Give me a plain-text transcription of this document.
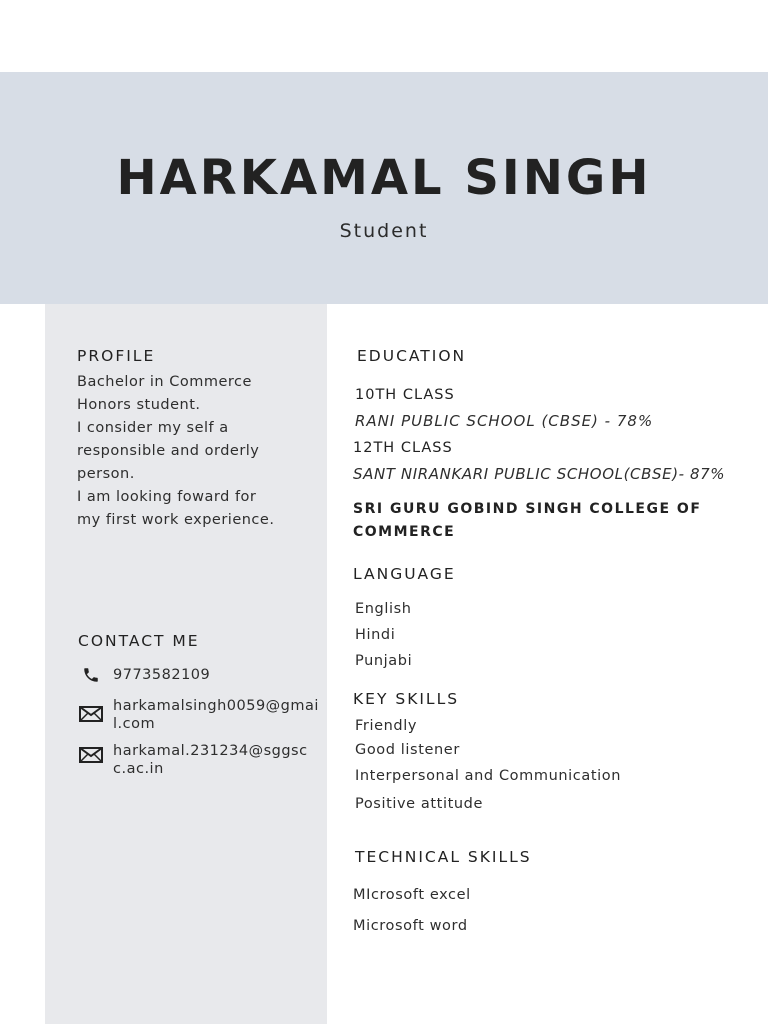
HARKAMAL SINGH
Student
PROFILE
Bachelor in Commerce
Honors student.
I consider my self a
responsible and orderly
person.
I am looking foward for
my first work experience.
CONTACT ME
9773582109
harkamalsingh0059@gmail.com
harkamal.231234@sggscc.ac.in
EDUCATION
10TH CLASS
RANI PUBLIC SCHOOL (CBSE) - 78%
12TH CLASS
SANT NIRANKARI PUBLIC SCHOOL(CBSE)- 87%
SRI GURU GOBIND SINGH COLLEGE OF COMMERCE
LANGUAGE
English
Hindi
Punjabi
KEY SKILLS
Friendly
Good listener
Interpersonal and Communication
Positive attitude
TECHNICAL SKILLS
MIcrosoft excel
Microsoft word
